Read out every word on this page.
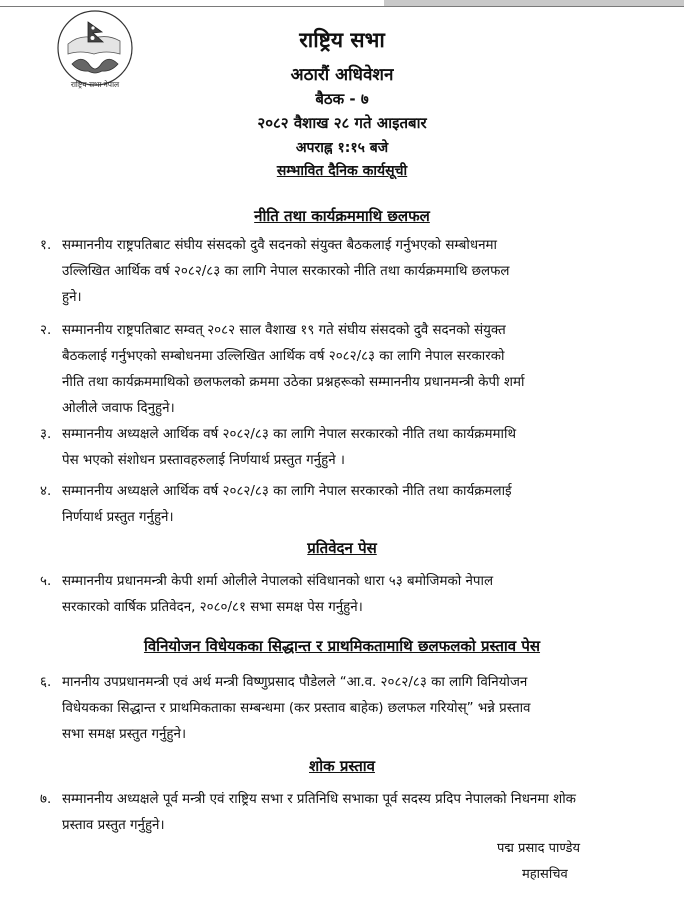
राष्ट्रिय सभा नेपाल
राष्ट्रिय सभा
अठारौं अधिवेशन
बैठक - ७
२०८२ वैशाख २८ गते आइतबार
अपराह्न १:१५ बजे
सम्भावित दैनिक कार्यसूची
नीति तथा कार्यक्रममाथि छलफल
१. सम्माननीय राष्ट्रपतिबाट संघीय संसदको दुवै सदनको संयुक्त बैठकलाई गर्नुभएको सम्बोधनमा
उल्लिखित आर्थिक वर्ष २०८२/८३ का लागि नेपाल सरकारको नीति तथा कार्यक्रममाथि छलफल
हुने।
२. सम्माननीय राष्ट्रपतिबाट सम्वत् २०८२ साल वैशाख १९ गते संघीय संसदको दुवै सदनको संयुक्त
बैठकलाई गर्नुभएको सम्बोधनमा उल्लिखित आर्थिक वर्ष २०८२/८३ का लागि नेपाल सरकारको
नीति तथा कार्यक्रममाथिको छलफलको क्रममा उठेका प्रश्नहरूको सम्माननीय प्रधानमन्त्री केपी शर्मा
ओलीले जवाफ दिनुहुने।
३. सम्माननीय अध्यक्षले आर्थिक वर्ष २०८२/८३ का लागि नेपाल सरकारको नीति तथा कार्यक्रममाथि
पेस भएको संशोधन प्रस्तावहरुलाई निर्णयार्थ प्रस्तुत गर्नुहुने ।
४. सम्माननीय अध्यक्षले आर्थिक वर्ष २०८२/८३ का लागि नेपाल सरकारको नीति तथा कार्यक्रमलाई
निर्णयार्थ प्रस्तुत गर्नुहुने।
प्रतिवेदन पेस
५. सम्माननीय प्रधानमन्त्री केपी शर्मा ओलीले नेपालको संविधानको धारा ५३ बमोजिमको नेपाल
सरकारको वार्षिक प्रतिवेदन, २०८०/८१ सभा समक्ष पेस गर्नुहुने।
विनियोजन विधेयकका सिद्धान्त र प्राथमिकतामाथि छलफलको प्रस्ताव पेस
६. माननीय उपप्रधानमन्त्री एवं अर्थ मन्त्री विष्णुप्रसाद पौडेलले “आ.व. २०८२/८३ का लागि विनियोजन
विधेयकका सिद्धान्त र प्राथमिकताका सम्बन्धमा (कर प्रस्ताव बाहेक) छलफल गरियोस्” भन्ने प्रस्ताव
सभा समक्ष प्रस्तुत गर्नुहुने।
शोक प्रस्ताव
७. सम्माननीय अध्यक्षले पूर्व मन्त्री एवं राष्ट्रिय सभा र प्रतिनिधि सभाका पूर्व सदस्य प्रदिप नेपालको निधनमा शोक
प्रस्ताव प्रस्तुत गर्नुहुने।
पद्म प्रसाद पाण्डेय
महासचिव
